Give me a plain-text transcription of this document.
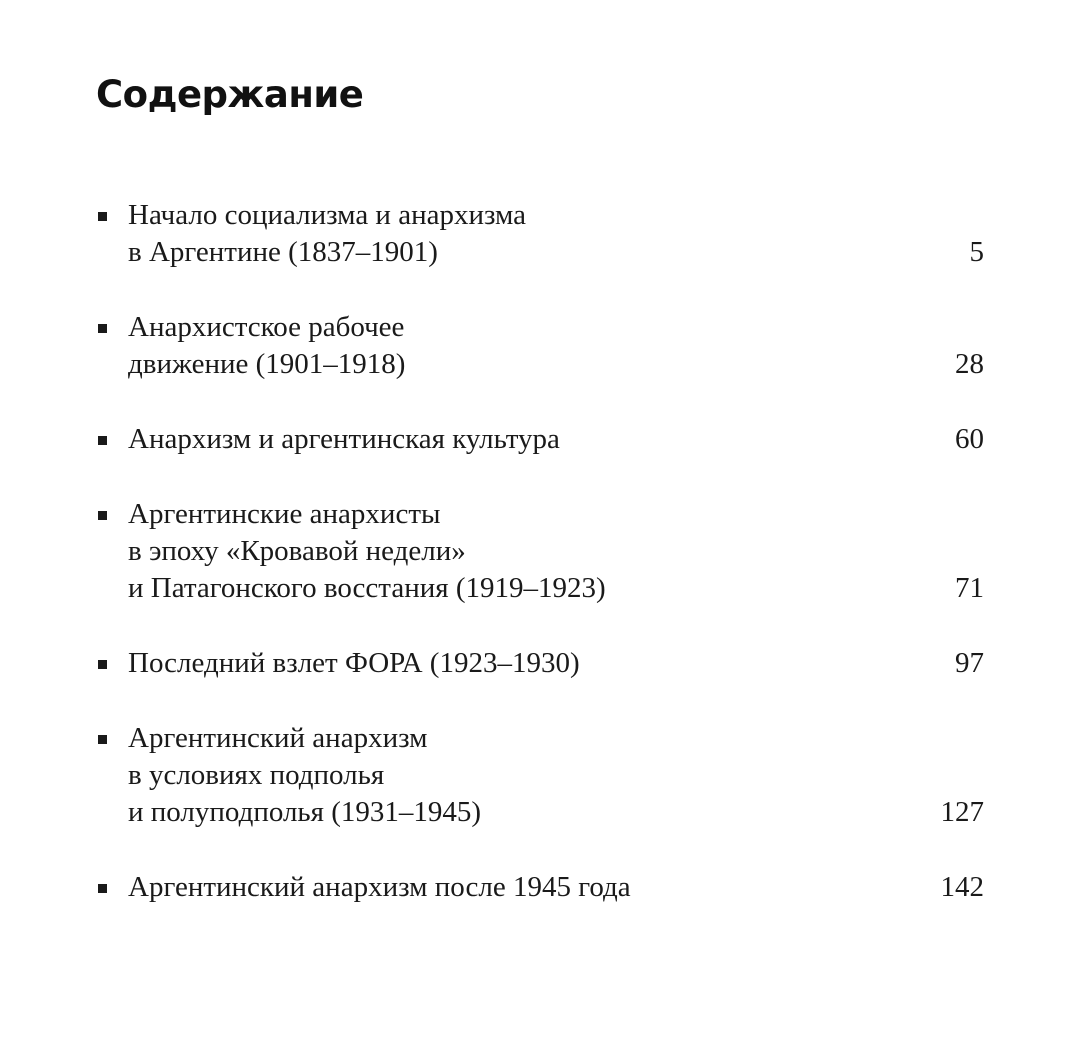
Содержание
Начало социализма и анархизма
в Аргентине (1837–1901)	5
Анархистское рабочее
движение (1901–1918)	28
Анархизм и аргентинская культура	60
Аргентинские анархисты
в эпоху «Кровавой недели»
и Патагонского восстания (1919–1923)	71
Последний взлет ФОРА (1923–1930)	97
Аргентинский анархизм
в условиях подполья
и полуподполья (1931–1945)	127
Аргентинский анархизм после 1945 года	142
